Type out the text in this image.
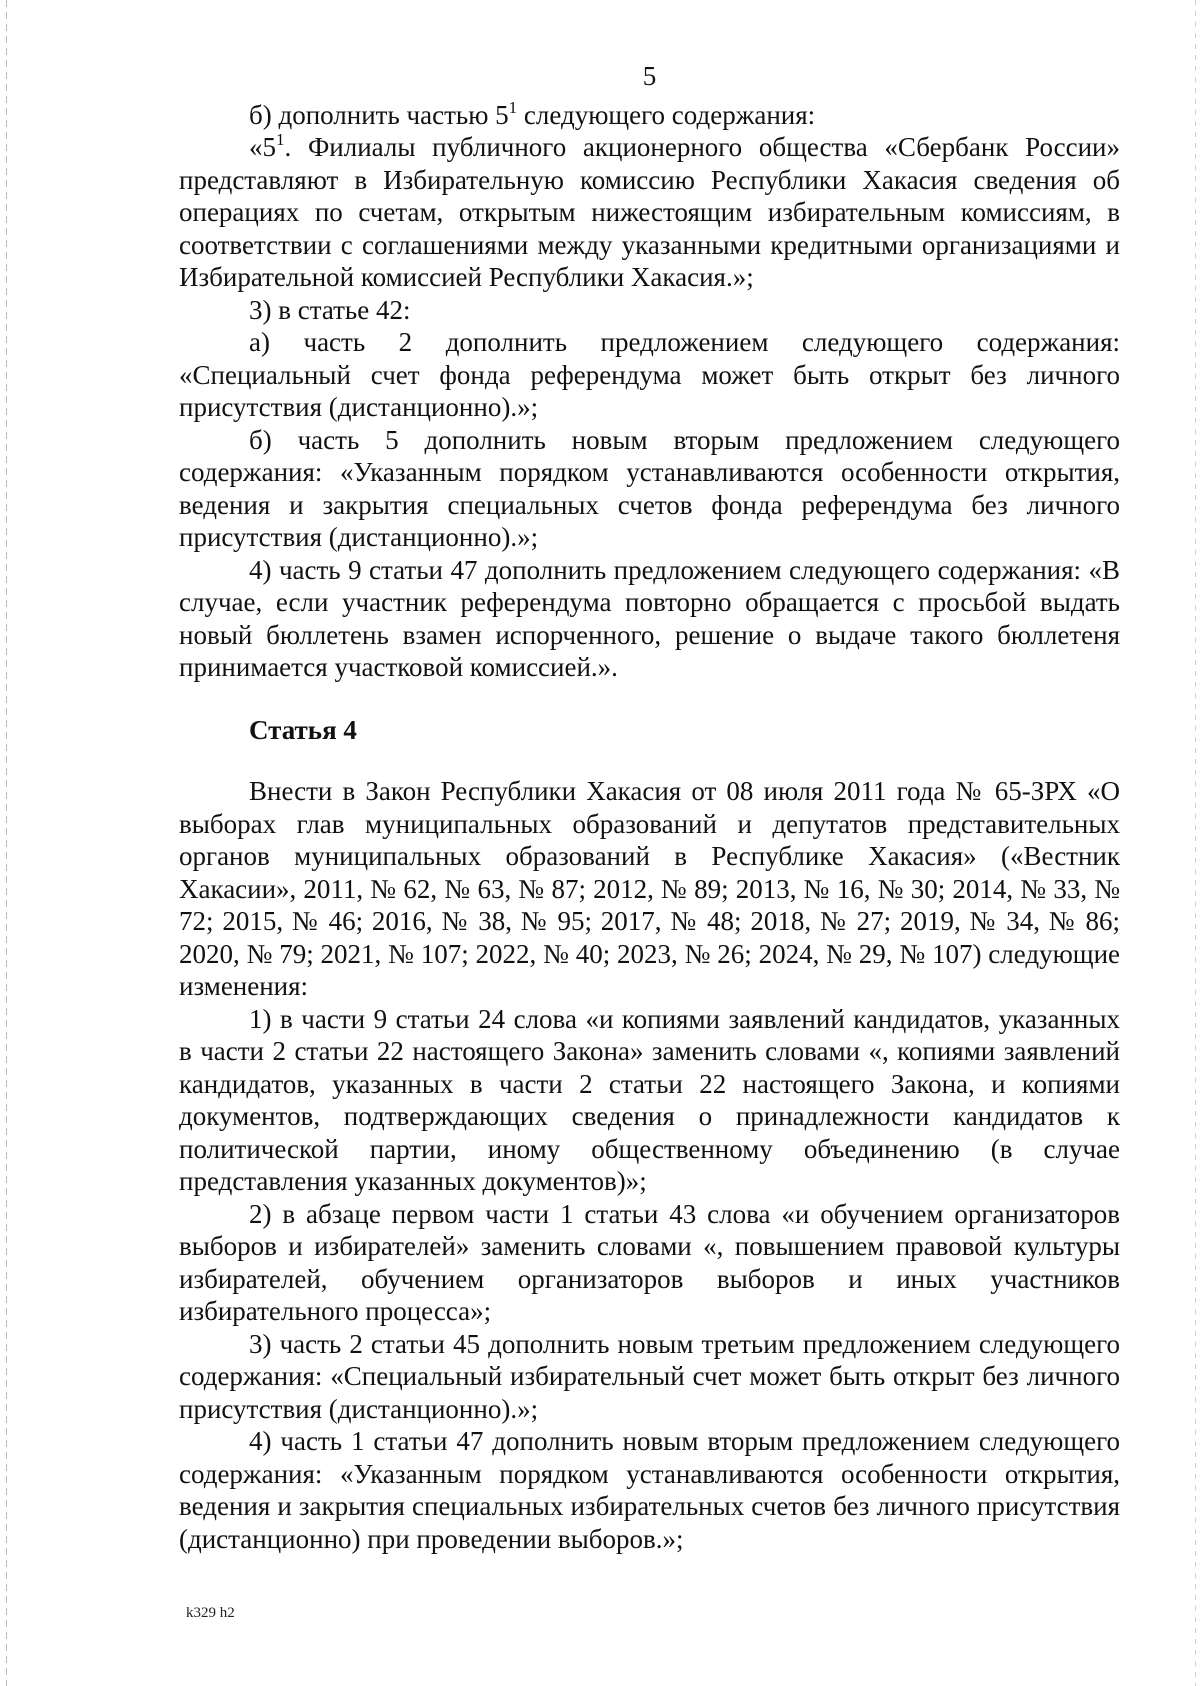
5

б) дополнить частью $5^1$ следующего содержания:

«$5^1$. Филиалы публичного акционерного общества «Сбербанк России» представляют в Избирательную комиссию Республики Хакасия сведения об операциях по счетам, открытым нижестоящим избирательным комиссиям, в соответствии с соглашениями между указанными кредитными организациями и Избирательной комиссией Республики Хакасия.»;

3) в статье 42:

а) часть 2 дополнить предложением следующего содержания: «Специальный счет фонда референдума может быть открыт без личного присутствия (дистанционно).»;

б) часть 5 дополнить новым вторым предложением следующего содержания: «Указанным порядком устанавливаются особенности открытия, ведения и закрытия специальных счетов фонда референдума без личного присутствия (дистанционно).»;

4) часть 9 статьи 47 дополнить предложением следующего содержания: «В случае, если участник референдума повторно обращается с просьбой выдать новый бюллетень взамен испорченного, решение о выдаче такого бюллетеня принимается участковой комиссией.».

Статья 4

Внести в Закон Республики Хакасия от 08 июля 2011 года № 65-ЗРХ «О выборах глав муниципальных образований и депутатов представительных органов муниципальных образований в Республике Хакасия» («Вестник Хакасии», 2011, № 62, № 63, № 87; 2012, № 89; 2013, № 16, № 30; 2014, № 33, № 72; 2015, № 46; 2016, № 38, № 95; 2017, № 48; 2018, № 27; 2019, № 34, № 86; 2020, № 79; 2021, № 107; 2022, № 40; 2023, № 26; 2024, № 29, № 107) следующие изменения:

1) в части 9 статьи 24 слова «и копиями заявлений кандидатов, указанных в части 2 статьи 22 настоящего Закона» заменить словами «, копиями заявлений кандидатов, указанных в части 2 статьи 22 настоящего Закона, и копиями документов, подтверждающих сведения о принадлежности кандидатов к политической партии, иному общественному объединению (в случае представления указанных документов)»;

2) в абзаце первом части 1 статьи 43 слова «и обучением организаторов выборов и избирателей» заменить словами «, повышением правовой культуры избирателей, обучением организаторов выборов и иных участников избирательного процесса»;

3) часть 2 статьи 45 дополнить новым третьим предложением следующего содержания: «Специальный избирательный счет может быть открыт без личного присутствия (дистанционно).»;

4) часть 1 статьи 47 дополнить новым вторым предложением следующего содержания: «Указанным порядком устанавливаются особенности открытия, ведения и закрытия специальных избирательных счетов без личного присутствия (дистанционно) при проведении выборов.»;

k329 h2
